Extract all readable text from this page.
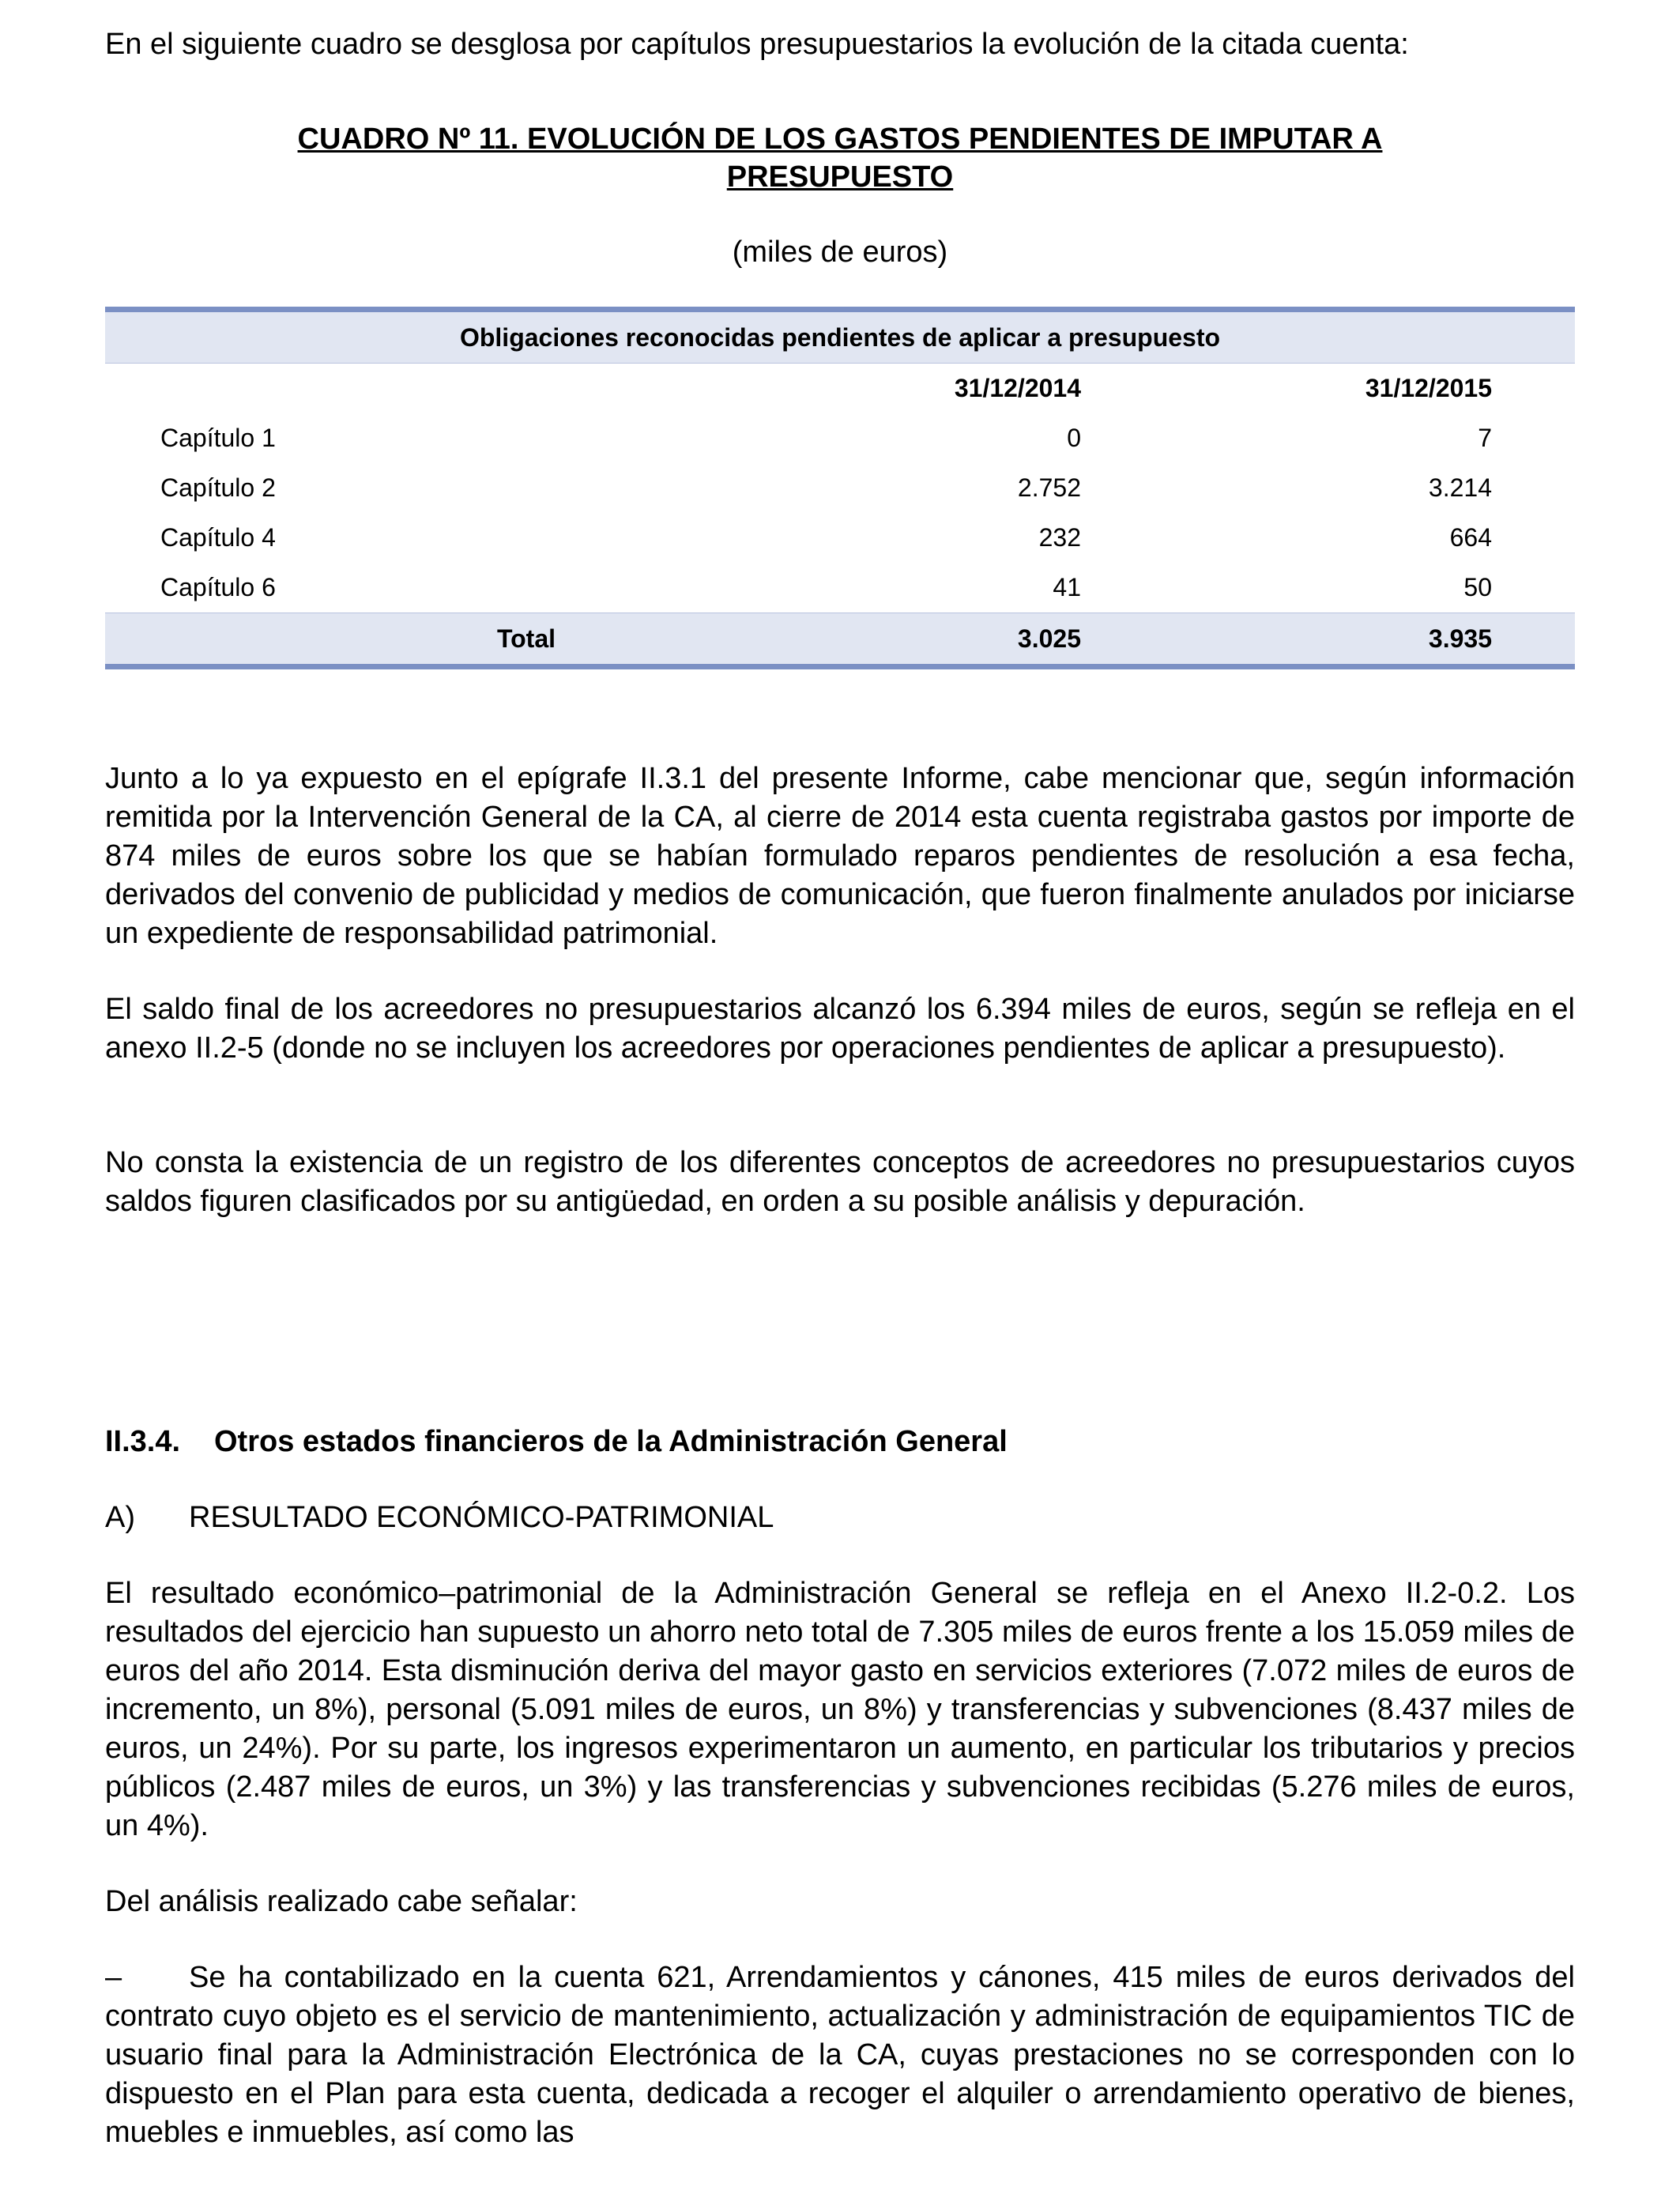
En el siguiente cuadro se desglosa por capítulos presupuestarios la evolución de la citada cuenta:

CUADRO Nº 11. EVOLUCIÓN DE LOS GASTOS PENDIENTES DE IMPUTAR A
PRESUPUESTO

(miles de euros)

Obligaciones reconocidas pendientes de aplicar a presupuesto		
	31/12/2014	31/12/2015
Capítulo 1	0	7
Capítulo 2	2.752	3.214
Capítulo 4	232	664
Capítulo 6	41	50
Total	3.025	3.935

Junto a lo ya expuesto en el epígrafe II.3.1 del presente Informe, cabe mencionar que, según información remitida por la Intervención General de la CA, al cierre de 2014 esta cuenta registraba gastos por importe de 874 miles de euros sobre los que se habían formulado reparos pendientes de resolución a esa fecha, derivados del convenio de publicidad y medios de comunicación, que fueron finalmente anulados por iniciarse un expediente de responsabilidad patrimonial.

El saldo final de los acreedores no presupuestarios alcanzó los 6.394 miles de euros, según se refleja en el anexo II.2-5 (donde no se incluyen los acreedores por operaciones pendientes de aplicar a presupuesto).

No consta la existencia de un registro de los diferentes conceptos de acreedores no presupuestarios cuyos saldos figuren clasificados por su antigüedad, en orden a su posible análisis y depuración.

II.3.4. Otros estados financieros de la Administración General

A) RESULTADO ECONÓMICO-PATRIMONIAL

El resultado económico–patrimonial de la Administración General se refleja en el Anexo II.2-0.2. Los resultados del ejercicio han supuesto un ahorro neto total de 7.305 miles de euros frente a los 15.059 miles de euros del año 2014. Esta disminución deriva del mayor gasto en servicios exteriores (7.072 miles de euros de incremento, un 8%), personal (5.091 miles de euros, un 8%) y transferencias y subvenciones (8.437 miles de euros, un 24%). Por su parte, los ingresos experimentaron un aumento, en particular los tributarios y precios públicos (2.487 miles de euros, un 3%) y las transferencias y subvenciones recibidas (5.276 miles de euros, un 4%).

Del análisis realizado cabe señalar:

– Se ha contabilizado en la cuenta 621, Arrendamientos y cánones, 415 miles de euros derivados del contrato cuyo objeto es el servicio de mantenimiento, actualización y administración de equipamientos TIC de usuario final para la Administración Electrónica de la CA, cuyas prestaciones no se corresponden con lo dispuesto en el Plan para esta cuenta, dedicada a recoger el alquiler o arrendamiento operativo de bienes, muebles e inmuebles, así como las
